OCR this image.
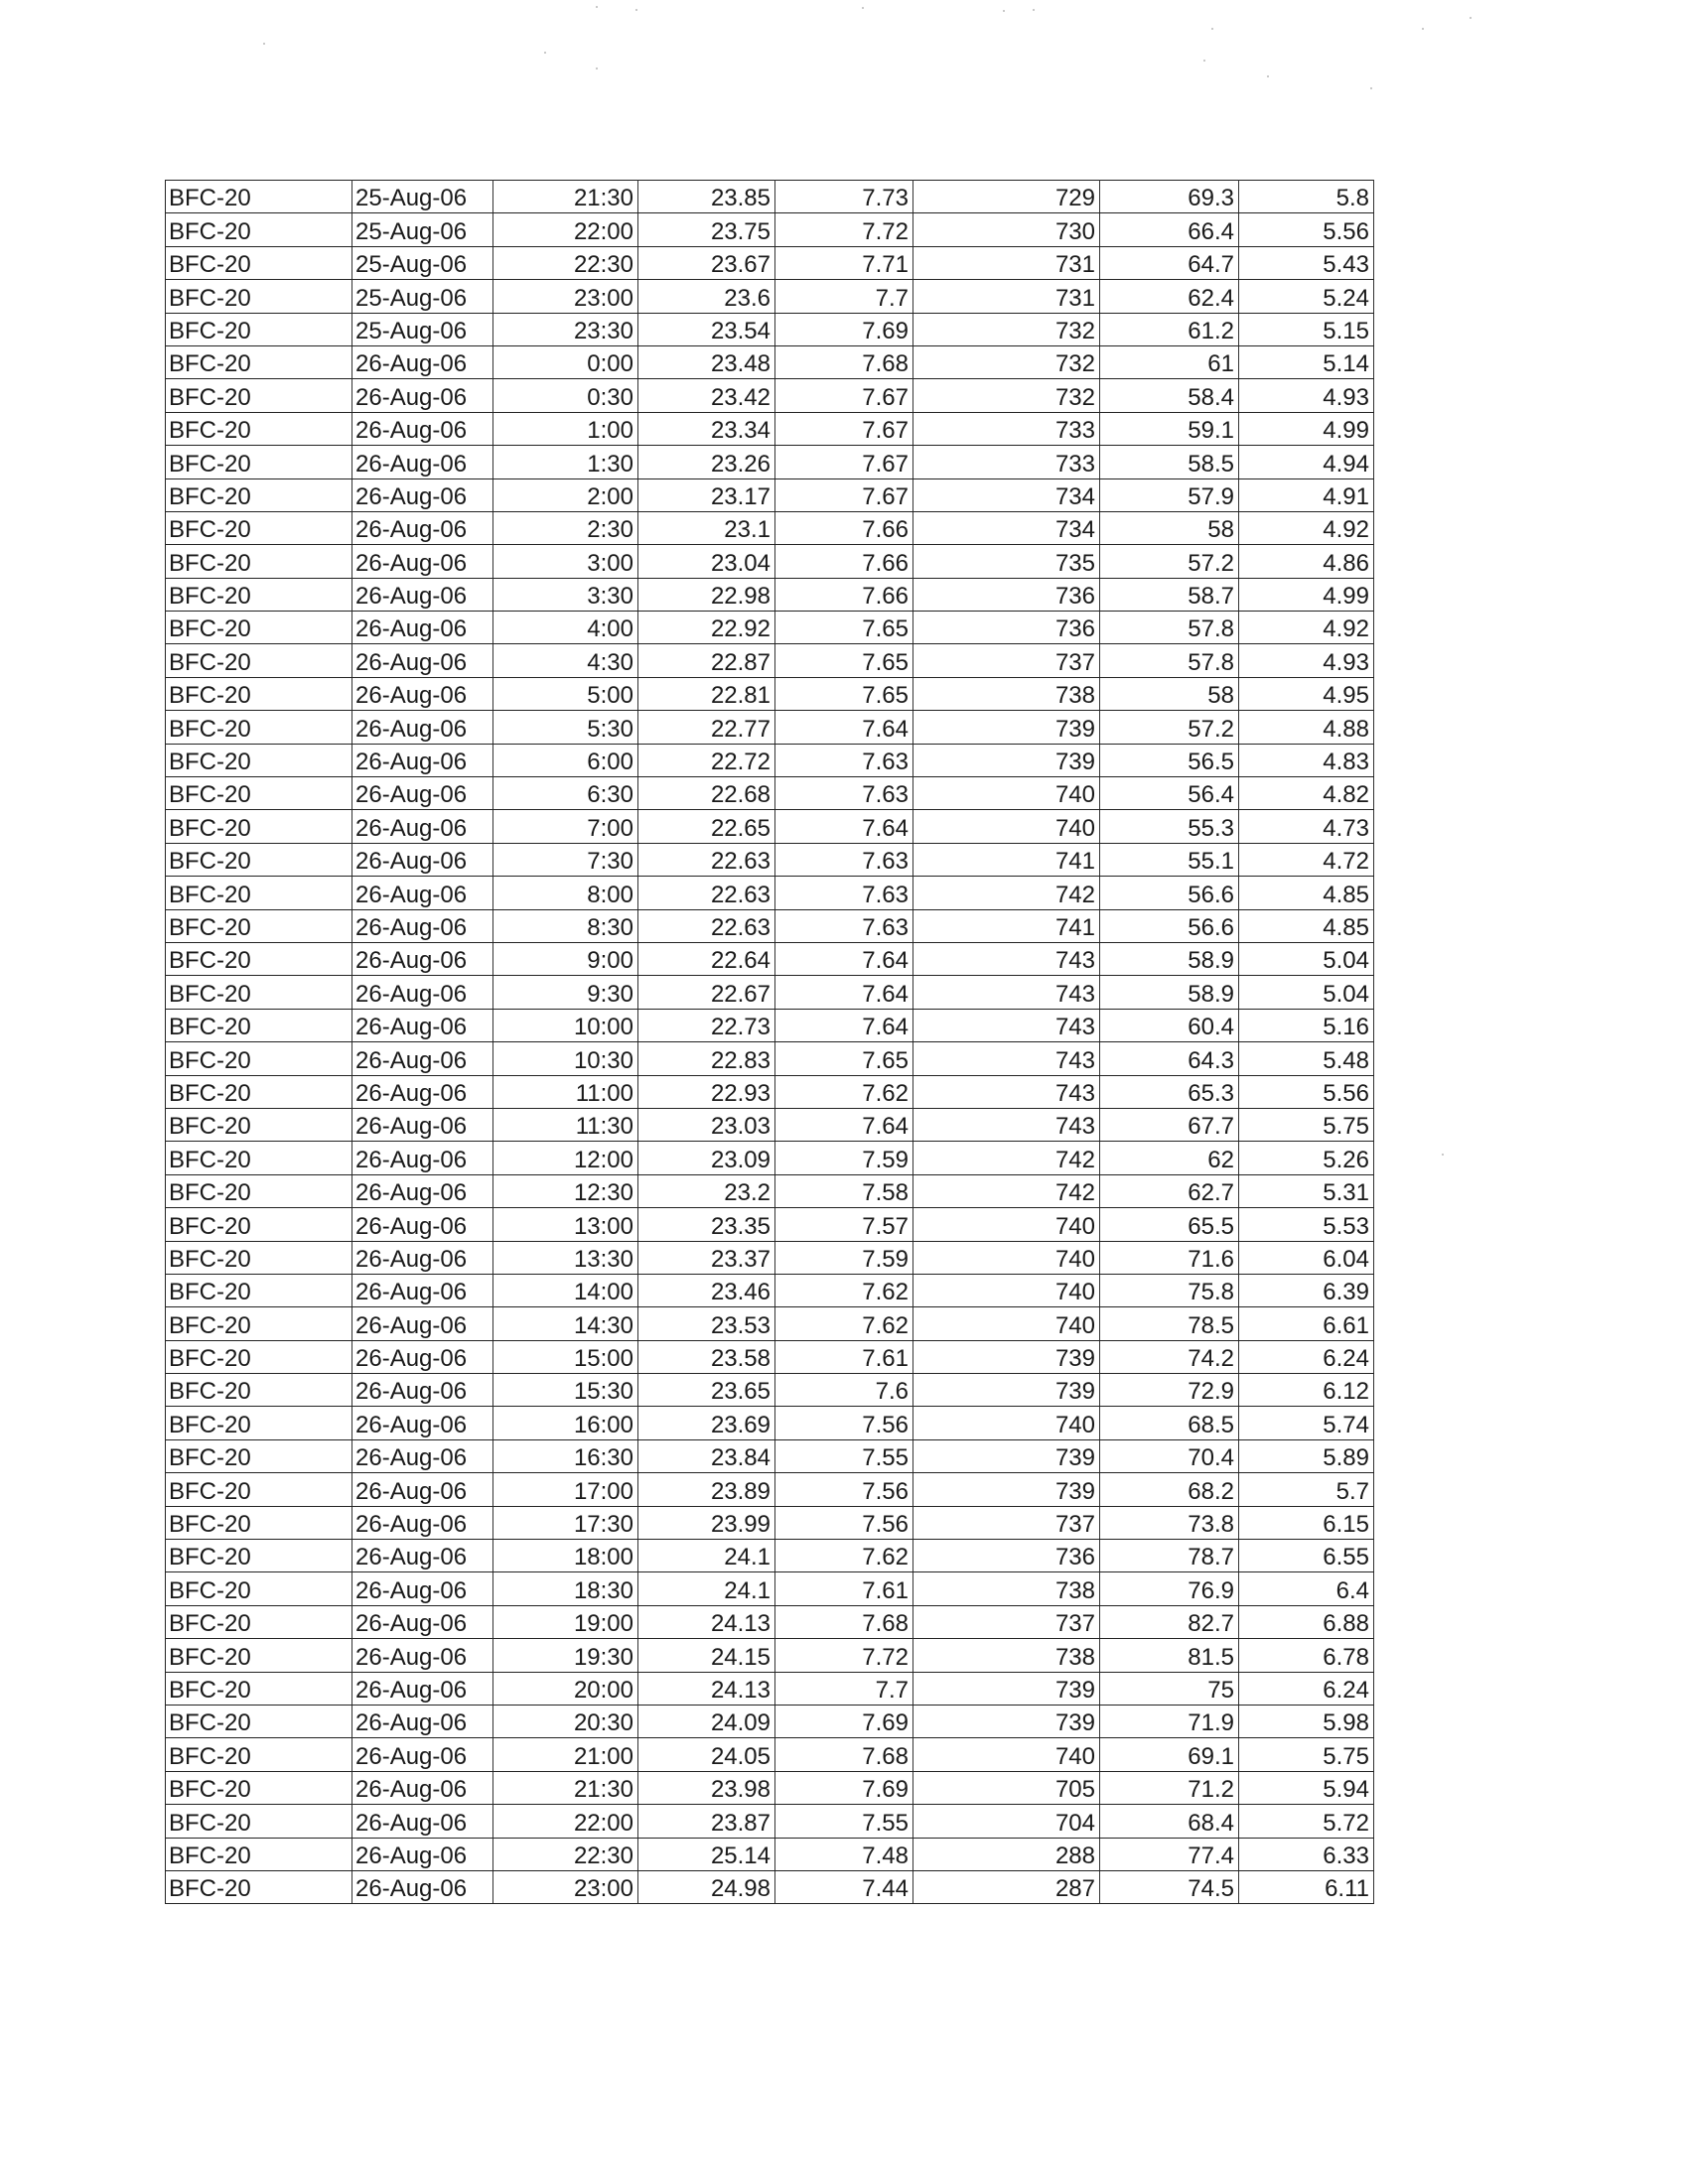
BFC-20	25-Aug-06	21:30	23.85	7.73	729	69.3	5.8
BFC-20	25-Aug-06	22:00	23.75	7.72	730	66.4	5.56
BFC-20	25-Aug-06	22:30	23.67	7.71	731	64.7	5.43
BFC-20	25-Aug-06	23:00	23.6	7.7	731	62.4	5.24
BFC-20	25-Aug-06	23:30	23.54	7.69	732	61.2	5.15
BFC-20	26-Aug-06	0:00	23.48	7.68	732	61	5.14
BFC-20	26-Aug-06	0:30	23.42	7.67	732	58.4	4.93
BFC-20	26-Aug-06	1:00	23.34	7.67	733	59.1	4.99
BFC-20	26-Aug-06	1:30	23.26	7.67	733	58.5	4.94
BFC-20	26-Aug-06	2:00	23.17	7.67	734	57.9	4.91
BFC-20	26-Aug-06	2:30	23.1	7.66	734	58	4.92
BFC-20	26-Aug-06	3:00	23.04	7.66	735	57.2	4.86
BFC-20	26-Aug-06	3:30	22.98	7.66	736	58.7	4.99
BFC-20	26-Aug-06	4:00	22.92	7.65	736	57.8	4.92
BFC-20	26-Aug-06	4:30	22.87	7.65	737	57.8	4.93
BFC-20	26-Aug-06	5:00	22.81	7.65	738	58	4.95
BFC-20	26-Aug-06	5:30	22.77	7.64	739	57.2	4.88
BFC-20	26-Aug-06	6:00	22.72	7.63	739	56.5	4.83
BFC-20	26-Aug-06	6:30	22.68	7.63	740	56.4	4.82
BFC-20	26-Aug-06	7:00	22.65	7.64	740	55.3	4.73
BFC-20	26-Aug-06	7:30	22.63	7.63	741	55.1	4.72
BFC-20	26-Aug-06	8:00	22.63	7.63	742	56.6	4.85
BFC-20	26-Aug-06	8:30	22.63	7.63	741	56.6	4.85
BFC-20	26-Aug-06	9:00	22.64	7.64	743	58.9	5.04
BFC-20	26-Aug-06	9:30	22.67	7.64	743	58.9	5.04
BFC-20	26-Aug-06	10:00	22.73	7.64	743	60.4	5.16
BFC-20	26-Aug-06	10:30	22.83	7.65	743	64.3	5.48
BFC-20	26-Aug-06	11:00	22.93	7.62	743	65.3	5.56
BFC-20	26-Aug-06	11:30	23.03	7.64	743	67.7	5.75
BFC-20	26-Aug-06	12:00	23.09	7.59	742	62	5.26
BFC-20	26-Aug-06	12:30	23.2	7.58	742	62.7	5.31
BFC-20	26-Aug-06	13:00	23.35	7.57	740	65.5	5.53
BFC-20	26-Aug-06	13:30	23.37	7.59	740	71.6	6.04
BFC-20	26-Aug-06	14:00	23.46	7.62	740	75.8	6.39
BFC-20	26-Aug-06	14:30	23.53	7.62	740	78.5	6.61
BFC-20	26-Aug-06	15:00	23.58	7.61	739	74.2	6.24
BFC-20	26-Aug-06	15:30	23.65	7.6	739	72.9	6.12
BFC-20	26-Aug-06	16:00	23.69	7.56	740	68.5	5.74
BFC-20	26-Aug-06	16:30	23.84	7.55	739	70.4	5.89
BFC-20	26-Aug-06	17:00	23.89	7.56	739	68.2	5.7
BFC-20	26-Aug-06	17:30	23.99	7.56	737	73.8	6.15
BFC-20	26-Aug-06	18:00	24.1	7.62	736	78.7	6.55
BFC-20	26-Aug-06	18:30	24.1	7.61	738	76.9	6.4
BFC-20	26-Aug-06	19:00	24.13	7.68	737	82.7	6.88
BFC-20	26-Aug-06	19:30	24.15	7.72	738	81.5	6.78
BFC-20	26-Aug-06	20:00	24.13	7.7	739	75	6.24
BFC-20	26-Aug-06	20:30	24.09	7.69	739	71.9	5.98
BFC-20	26-Aug-06	21:00	24.05	7.68	740	69.1	5.75
BFC-20	26-Aug-06	21:30	23.98	7.69	705	71.2	5.94
BFC-20	26-Aug-06	22:00	23.87	7.55	704	68.4	5.72
BFC-20	26-Aug-06	22:30	25.14	7.48	288	77.4	6.33
BFC-20	26-Aug-06	23:00	24.98	7.44	287	74.5	6.11
